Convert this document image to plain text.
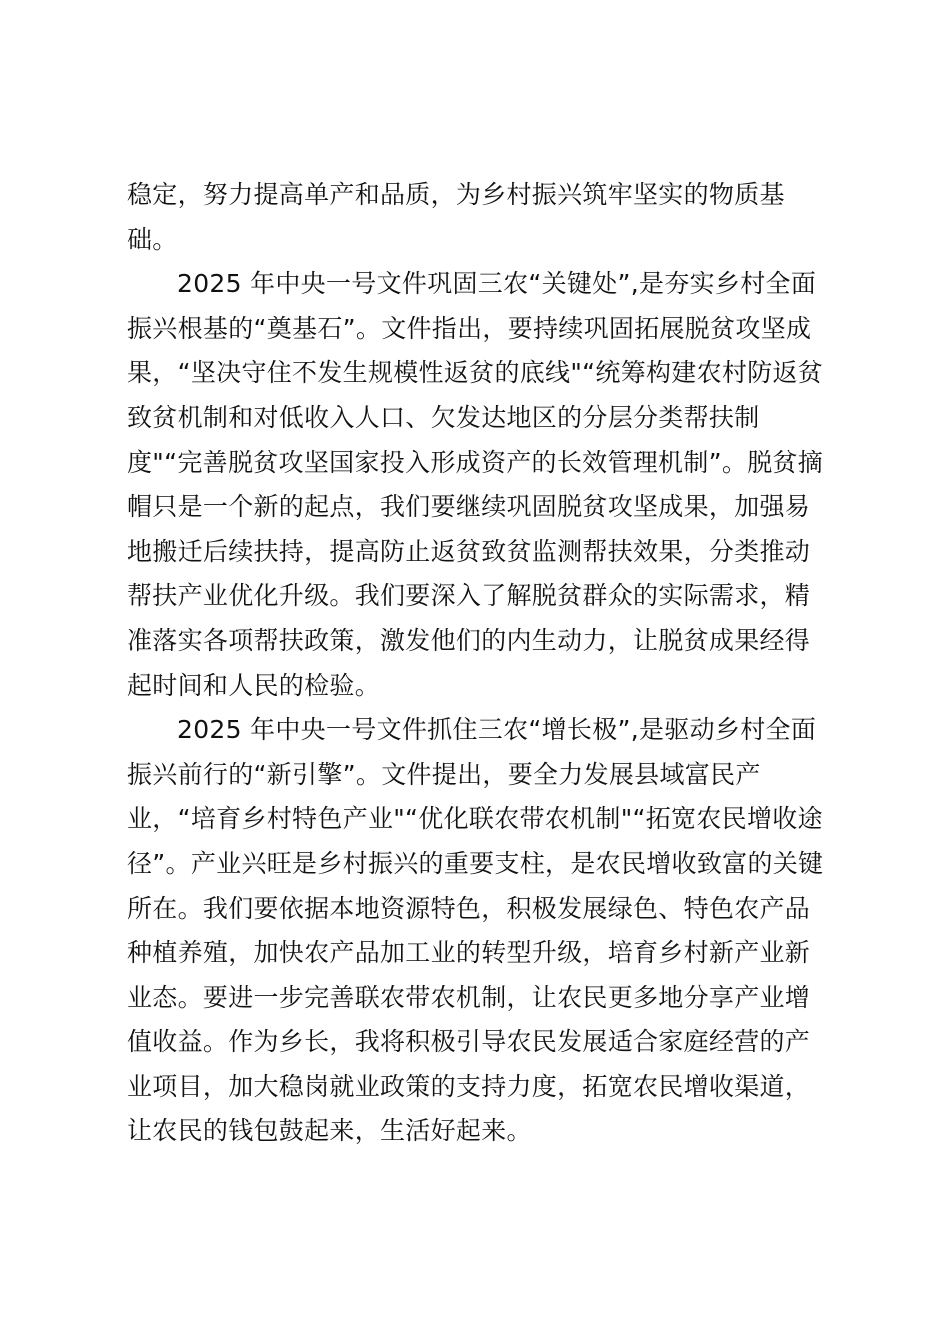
稳定，努力提高单产和品质，为乡村振兴筑牢坚实的物质基
础。
2025 年中央一号文件巩固三农“关键处”,是夯实乡村全面
振兴根基的“奠基石”。文件指出，要持续巩固拓展脱贫攻坚成
果，“坚决守住不发生规模性返贫的底线"“统筹构建农村防返贫
致贫机制和对低收入人口、欠发达地区的分层分类帮扶制
度"“完善脱贫攻坚国家投入形成资产的长效管理机制”。脱贫摘
帽只是一个新的起点，我们要继续巩固脱贫攻坚成果，加强易
地搬迁后续扶持，提高防止返贫致贫监测帮扶效果，分类推动
帮扶产业优化升级。我们要深入了解脱贫群众的实际需求，精
准落实各项帮扶政策，激发他们的内生动力，让脱贫成果经得
起时间和人民的检验。
2025 年中央一号文件抓住三农“增长极”,是驱动乡村全面
振兴前行的“新引擎”。文件提出，要全力发展县域富民产
业，“培育乡村特色产业"“优化联农带农机制"“拓宽农民增收途
径”。产业兴旺是乡村振兴的重要支柱，是农民增收致富的关键
所在。我们要依据本地资源特色，积极发展绿色、特色农产品
种植养殖，加快农产品加工业的转型升级，培育乡村新产业新
业态。要进一步完善联农带农机制，让农民更多地分享产业增
值收益。作为乡长，我将积极引导农民发展适合家庭经营的产
业项目，加大稳岗就业政策的支持力度，拓宽农民增收渠道，
让农民的钱包鼓起来，生活好起来。
